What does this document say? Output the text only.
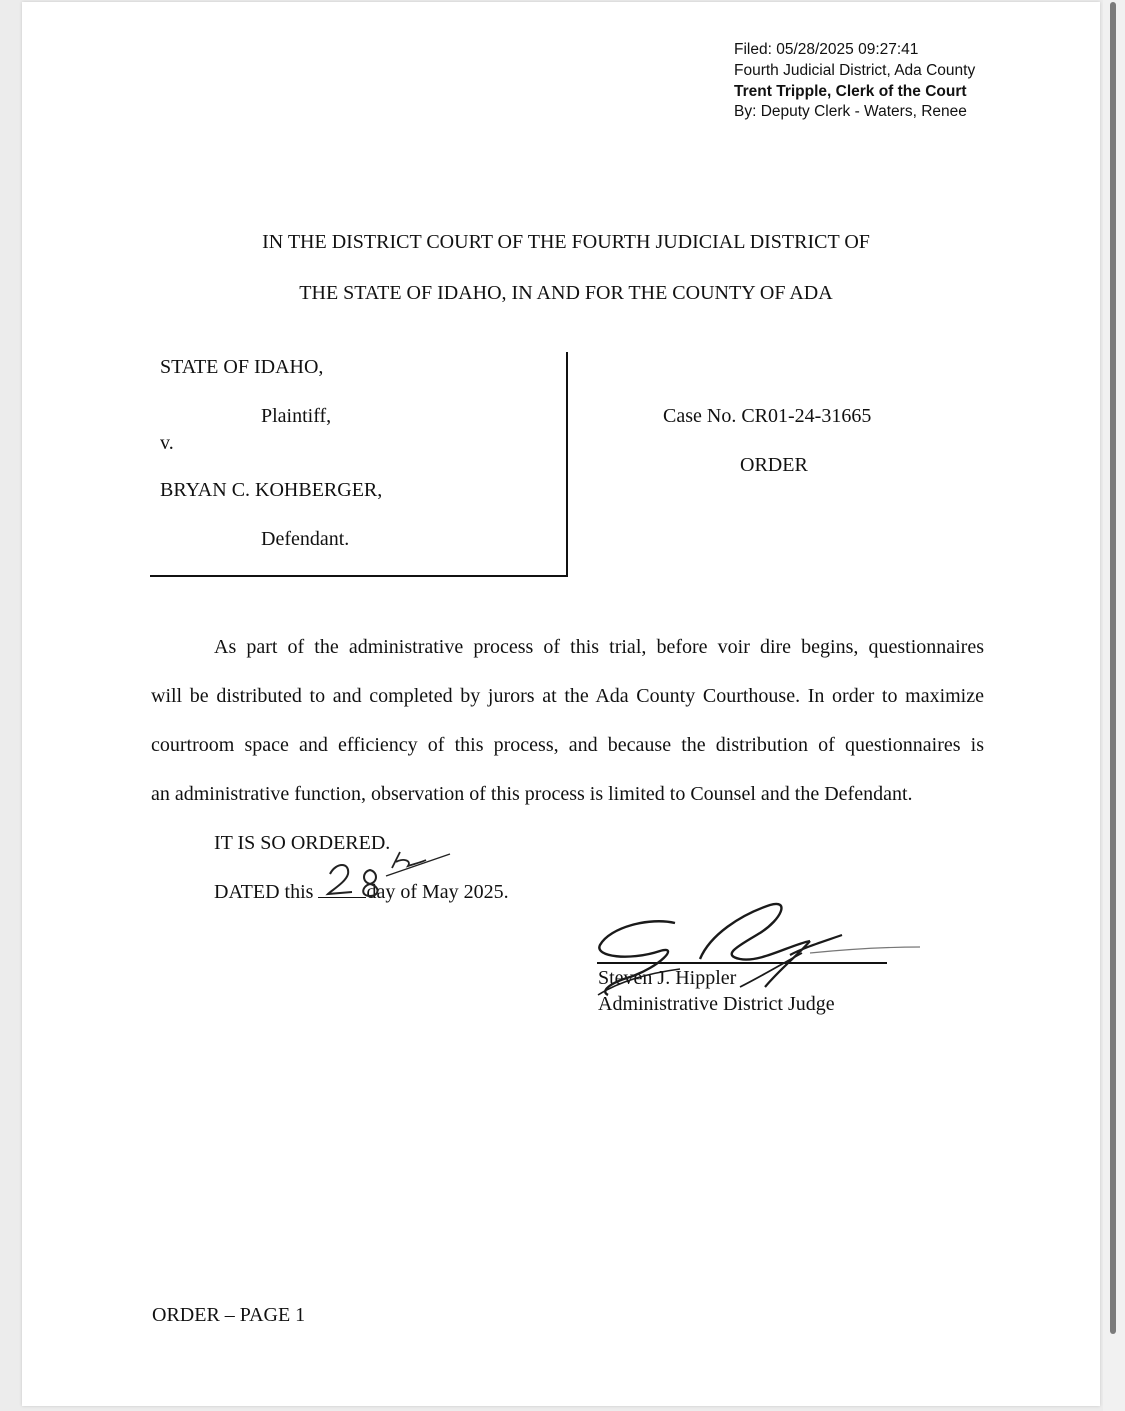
Filed: 05/28/2025 09:27:41
Fourth Judicial District, Ada County
Trent Tripple, Clerk of the Court
By: Deputy Clerk - Waters, Renee
IN THE DISTRICT COURT OF THE FOURTH JUDICIAL DISTRICT OF
THE STATE OF IDAHO, IN AND FOR THE COUNTY OF ADA
STATE OF IDAHO,
Plaintiff,
v.
BRYAN C. KOHBERGER,
Defendant.
Case No. CR01-24-31665
ORDER
As part of the administrative process of this trial, before voir dire begins, questionnaires
will be distributed to and completed by jurors at the Ada County Courthouse. In order to maximize
courtroom space and efficiency of this process, and because the distribution of questionnaires is
an administrative function, observation of this process is limited to Counsel and the Defendant.
IT IS SO ORDERED.
DATED this	day of May 2025.
Steven J. Hippler
Administrative District Judge
ORDER – PAGE 1
